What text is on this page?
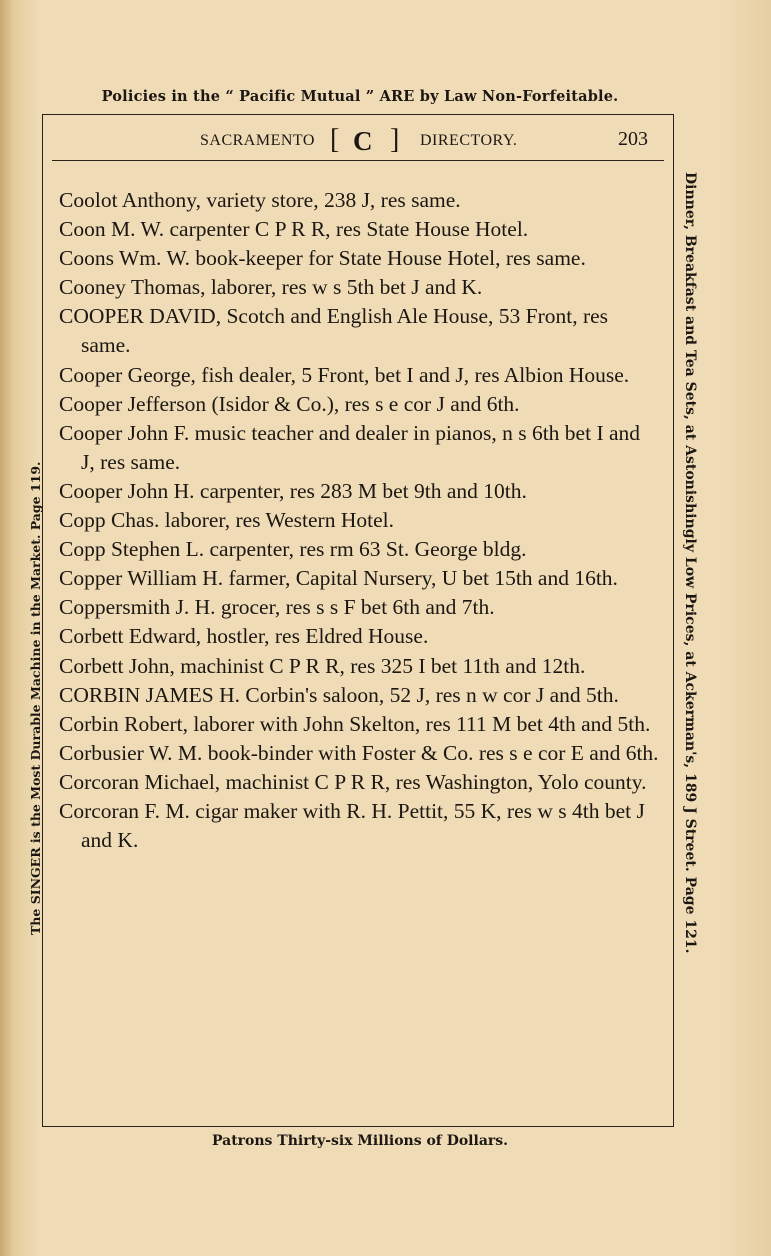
Policies in the “ Pacific Mutual ” ARE by Law Non-Forfeitable.
SACRAMENTO [ C ] DIRECTORY.	203
Coolot Anthony, variety store, 238 J, res same.
Coon M. W. carpenter C P R R, res State House Hotel.
Coons Wm. W. book-keeper for State House Hotel, res same.
Cooney Thomas, laborer, res w s 5th bet J and K.
COOPER DAVID, Scotch and English Ale House, 53 Front, res same.
Cooper George, fish dealer, 5 Front, bet I and J, res Albion House.
Cooper Jefferson (Isidor & Co.), res s e cor J and 6th.
Cooper John F. music teacher and dealer in pianos, n s 6th bet I and J, res same.
Cooper John H. carpenter, res 283 M bet 9th and 10th.
Copp Chas. laborer, res Western Hotel.
Copp Stephen L. carpenter, res rm 63 St. George bldg.
Copper William H. farmer, Capital Nursery, U bet 15th and 16th.
Coppersmith J. H. grocer, res s s F bet 6th and 7th.
Corbett Edward, hostler, res Eldred House.
Corbett John, machinist C P R R, res 325 I bet 11th and 12th.
CORBIN JAMES H. Corbin's saloon, 52 J, res n w cor J and 5th.
Corbin Robert, laborer with John Skelton, res 111 M bet 4th and 5th.
Corbusier W. M. book-binder with Foster & Co. res s e cor E and 6th.
Corcoran Michael, machinist C P R R, res Washington, Yolo county.
Corcoran F. M. cigar maker with R. H. Pettit, 55 K, res w s 4th bet J and K.
Patrons Thirty-six Millions of Dollars.
The SINGER is the Most Durable Machine in the Market. Page 119.	Dinner, Breakfast and Tea Sets, at Astonishingly Low Prices, at Ackerman's, 189 J Street. Page 121.
